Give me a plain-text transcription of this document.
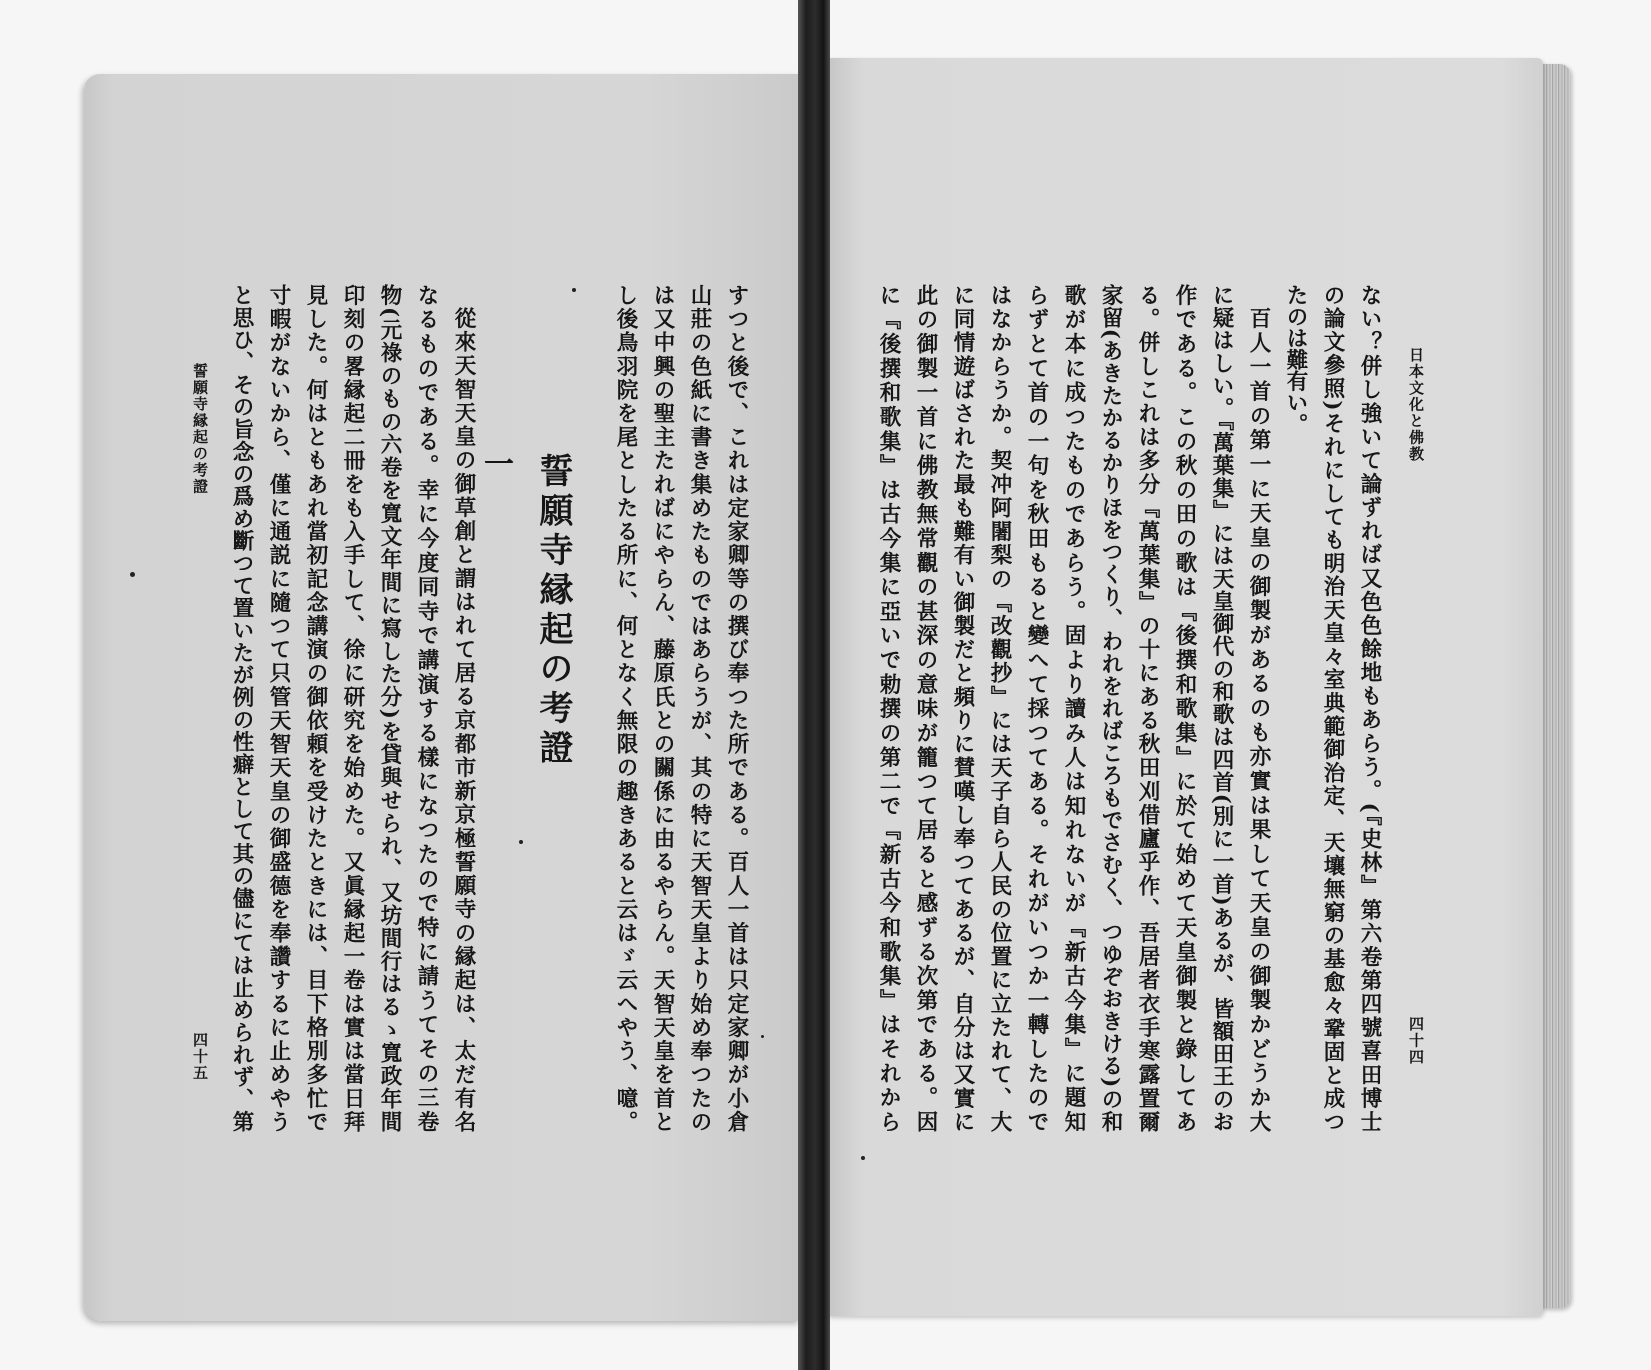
日本文化と佛教
四十四
ない？併し強いて論ずれば又色色餘地もあらう。(『史林』第六卷第四號喜田博士
の論文參照)それにしても明治天皇々室典範御治定、天壤無窮の基愈々鞏固と成つ
たのは難有い。
百人一首の第一に天皇の御製があるのも亦實は果して天皇の御製かどうか大
に疑はしい。『萬葉集』には天皇御代の和歌は四首(別に一首)あるが、皆額田王のお
作である。この秋の田の歌は『後撰和歌集』に於て始めて天皇御製と錄してあ
る。併しこれは多分『萬葉集』の十にある秋田刈借廬乎作、吾居者衣手寒露置爾
家留(あきたかるかりほをつくり、われをればころもでさむく、つゆぞおきける)の和
歌が本に成つたものであらう。固より讀み人は知れないが『新古今集』に題知
らずとて首の一句を秋田もると變へて採つてある。それがいつか一轉したので
はなからうか。契冲阿闍梨の『改觀抄』には天子自ら人民の位置に立たれて、大
に同情遊ばされた最も難有い御製だと頻りに賛嘆し奉つてあるが、自分は又實に
此の御製一首に佛教無常觀の甚深の意味が籠つて居ると感ずる次第である。因
に『後撰和歌集』は古今集に亞いで勅撰の第二で『新古今和歌集』はそれから
すつと後で、これは定家卿等の撰び奉つた所である。百人一首は只定家卿が小倉
山莊の色紙に書き集めたものではあらうが、其の特に天智天皇より始め奉つたの
は又中興の聖主たればにやらん、藤原氏との關係に由るやらん。天智天皇を首と
し後鳥羽院を尾としたる所に、何となく無限の趣きあると云はゞ云へやう、噫。
誓願寺縁起の考證
一
從來天智天皇の御草創と謂はれて居る京都市新京極誓願寺の縁起は、太だ有名
なるものである。幸に今度同寺で講演する樣になつたので特に請うてその三卷
物(元祿のもの六卷を寬文年間に寫した分)を貸與せられ、又坊間行はるゝ寬政年間
印刻の畧縁起二冊をも入手して、徐に研究を始めた。又眞縁起一卷は實は當日拜
見した。何はともあれ當初記念講演の御依頼を受けたときには、目下格別多忙で
寸暇がないから、僅に通説に隨つて只管天智天皇の御盛德を奉讚するに止めやう
と思ひ、その旨念の爲め斷つて置いたが例の性癖として其の儘にては止められず、第
誓願寺縁起の考證
四十五
